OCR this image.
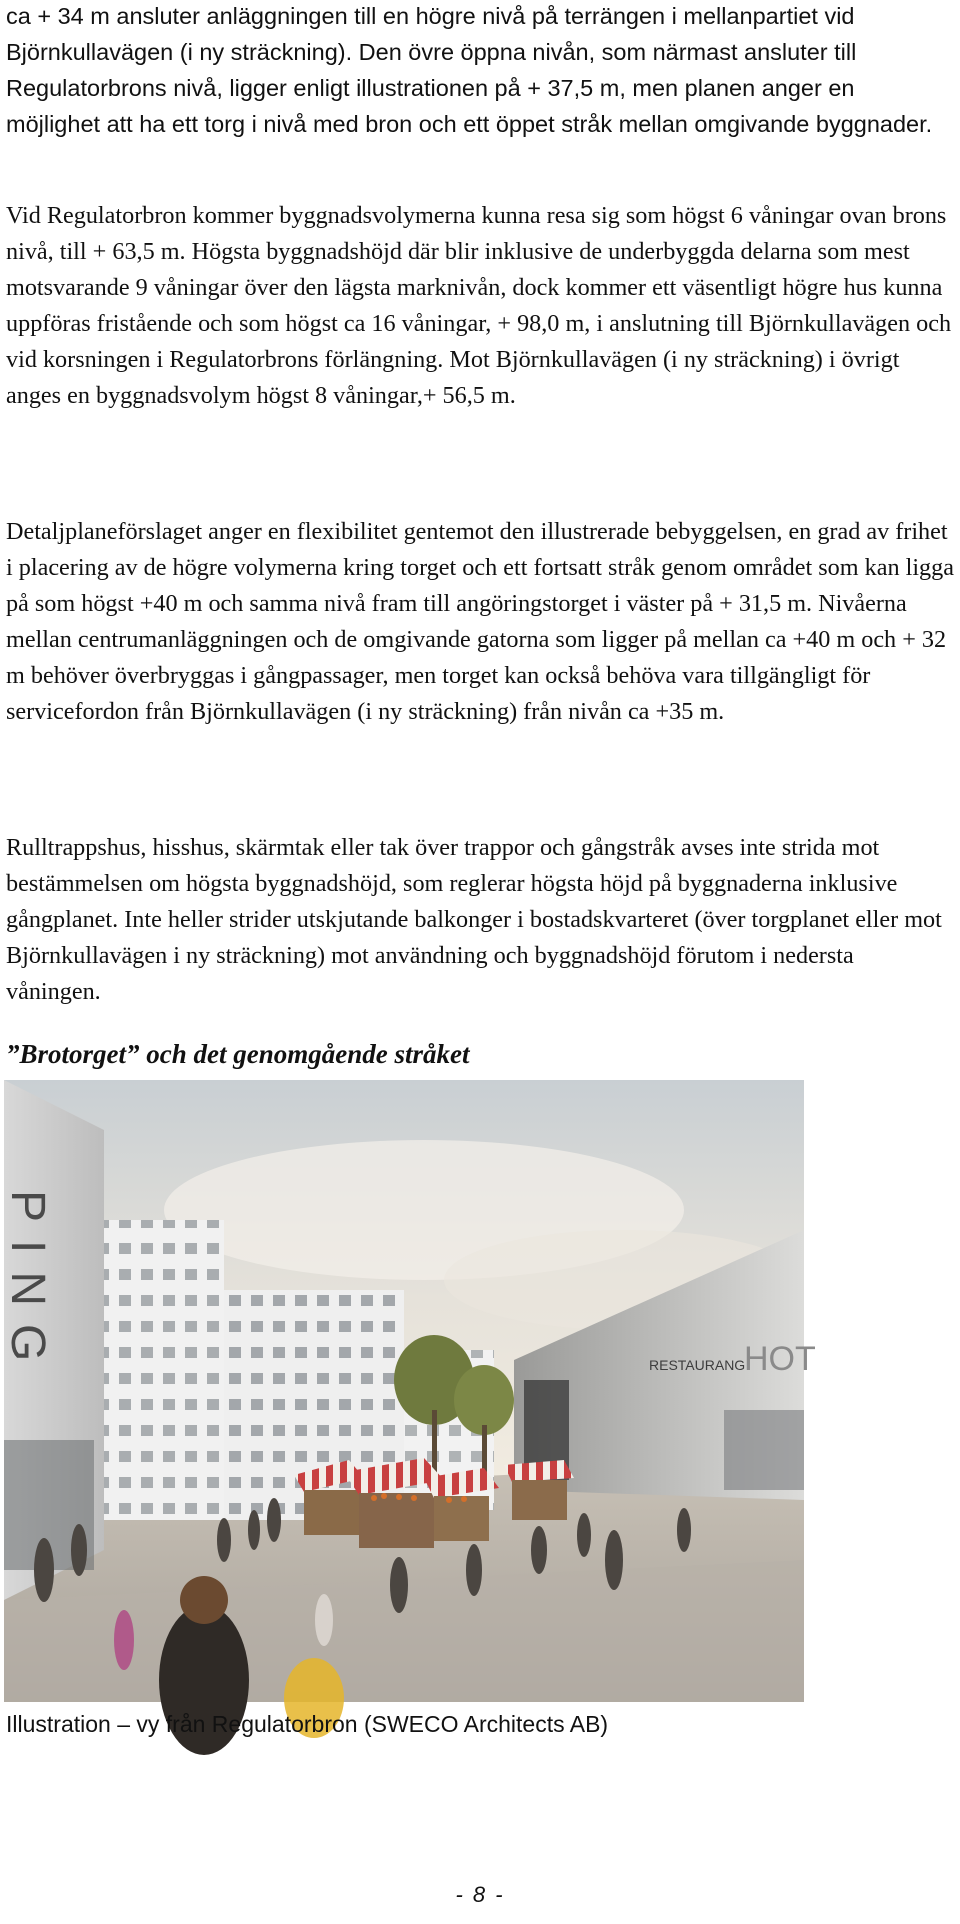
ca + 34 m ansluter anläggningen till en högre nivå på terrängen i mellanpartiet vid Björnkullavägen (i ny sträckning). Den övre öppna nivån, som närmast ansluter till Regulatorbrons nivå, ligger enligt illustrationen på + 37,5 m, men planen anger en möjlighet att ha ett torg i nivå med bron och ett öppet stråk mellan omgivande byggnader.

Vid Regulatorbron kommer byggnadsvolymerna kunna resa sig som högst 6 våningar ovan brons nivå, till + 63,5 m. Högsta byggnadshöjd där blir inklusive de underbyggda delarna som mest motsvarande 9 våningar över den lägsta marknivån, dock kommer ett väsentligt högre hus kunna uppföras fristående och som högst ca 16 våningar, + 98,0 m, i anslutning till Björnkullavägen och vid korsningen i Regulatorbrons förlängning. Mot Björnkullavägen (i ny sträckning) i övrigt anges en byggnadsvolym högst 8 våningar,+ 56,5 m.

Detaljplaneförslaget anger en flexibilitet gentemot den illustrerade bebyggelsen, en grad av frihet i placering av de högre volymerna kring torget och ett fortsatt stråk genom området som kan ligga på som högst +40 m och samma nivå fram till angöringstorget i väster på + 31,5 m. Nivåerna mellan centrumanläggningen och de omgivande gatorna som ligger på mellan ca +40 m och + 32 m behöver överbryggas i gångpassager, men torget kan också behöva vara tillgängligt för servicefordon från Björnkullavägen (i ny sträckning) från nivån ca +35 m.

Rulltrappshus, hisshus, skärmtak eller tak över trappor och gångstråk avses inte strida mot bestämmelsen om högsta byggnadshöjd, som reglerar högsta höjd på byggnaderna inklusive gångplanet. Inte heller strider utskjutande balkonger i bostadskvarteret (över torgplanet eller mot Björnkullavägen i ny sträckning) mot användning och byggnadshöjd förutom i nedersta våningen.

”Brotorget” och det genomgående stråket
PING	RESTAURANG
HOT

Illustration – vy från Regulatorbron (SWECO Architects AB)

- 8 -
